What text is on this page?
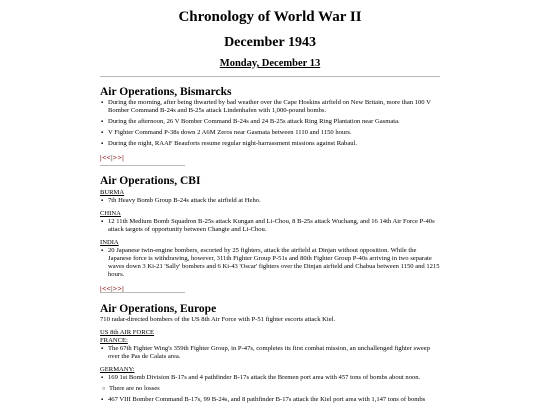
Chronology of World War II
December 1943
Monday, December 13
Air Operations, Bismarcks
▪ During the morning, after being thwarted by bad weather over the Cape Hoskins airfield on New Britain, more than 100 V Bomber Command B-24s and B-25s attack Lindenhafen with 1,000-pound bombs.
▪ During the afternoon, 26 V Bomber Command B-24s and 24 B-25s attack Ring Ring Plantation near Gasmata.
▪ V Fighter Command P-38s down 2 A6M Zeros near Gasmata between 1110 and 1150 hours.
▪ During the night, RAAF Beauforts resume regular night-harrassment missions against Rabaul.
|<<|>>|
Air Operations, CBI
BURMA
▪ 7th Heavy Bomb Group B-24s attack the airfield at Heho.
CHINA
▪ 12 11th Medium Bomb Squadron B-25s attack Kungan and Li-Chou, 8 B-25s attack Wuchang, and 16 14th Air Force P-40s attack targets of opportunity between Changte and Li-Chou.
INDIA
▪ 20 Japanese twin-engine bombers, escorted by 25 fighters, attack the airfield at Dinjan without opposition. While the Japanese force is withdrawing, however, 311th Fighter Group P-51s and 80th Fighter Group P-40s arriving in two separate waves down 3 Ki-21 'Sally' bombers and 6 Ki-43 'Oscar' fighters over the Dinjan airfield and Chabua between 1150 and 1215 hours.
|<<|>>|
Air Operations, Europe
710 radar-directed bombers of the US 8th Air Force with P-51 fighter escorts attack Kiel.
US 8th AIR FORCE
FRANCE:
▪ The 67th Fighter Wing's 359th Fighter Group, in P-47s, completes its first combat mission, an unchallenged fighter sweep over the Pas de Calais area.
GERMANY:
▪ 169 1st Bomb Division B-17s and 4 pathfinder B-17s attack the Bremen port area with 457 tons of bombs about noon.
○ There are no losses
▪ 467 VIII Bomber Command B-17s, 99 B-24s, and 8 pathfinder B-17s attack the Kiel port area with 1,147 tons of bombs
